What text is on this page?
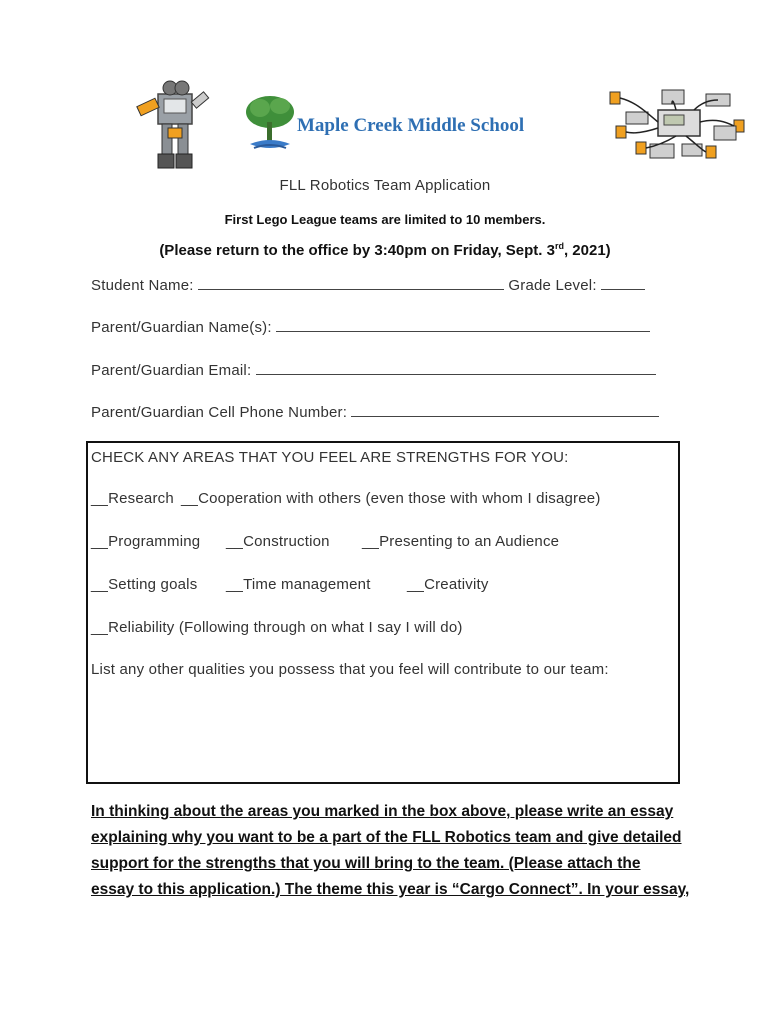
Maple Creek Middle School
FLL Robotics Team Application
First Lego League teams are limited to 10 members.
(Please return to the office by 3:40pm on Friday, Sept. 3rd, 2021)
Student Name:	Grade Level:
Parent/Guardian Name(s):
Parent/Guardian Email:
Parent/Guardian Cell Phone Number:
CHECK ANY AREAS THAT YOU FEEL ARE STRENGTHS FOR YOU:
__Research __Cooperation with others (even those with whom I disagree)
__Programming __Construction __Presenting to an Audience
__Setting goals __Time management __Creativity
__Reliability (Following through on what I say I will do)
List any other qualities you possess that you feel will contribute to our team:
In thinking about the areas you marked in the box above, please write an essay
explaining why you want to be a part of the FLL Robotics team and give detailed
support for the strengths that you will bring to the team. (Please attach the
essay to this application.) The theme this year is “Cargo Connect”. In your essay,
